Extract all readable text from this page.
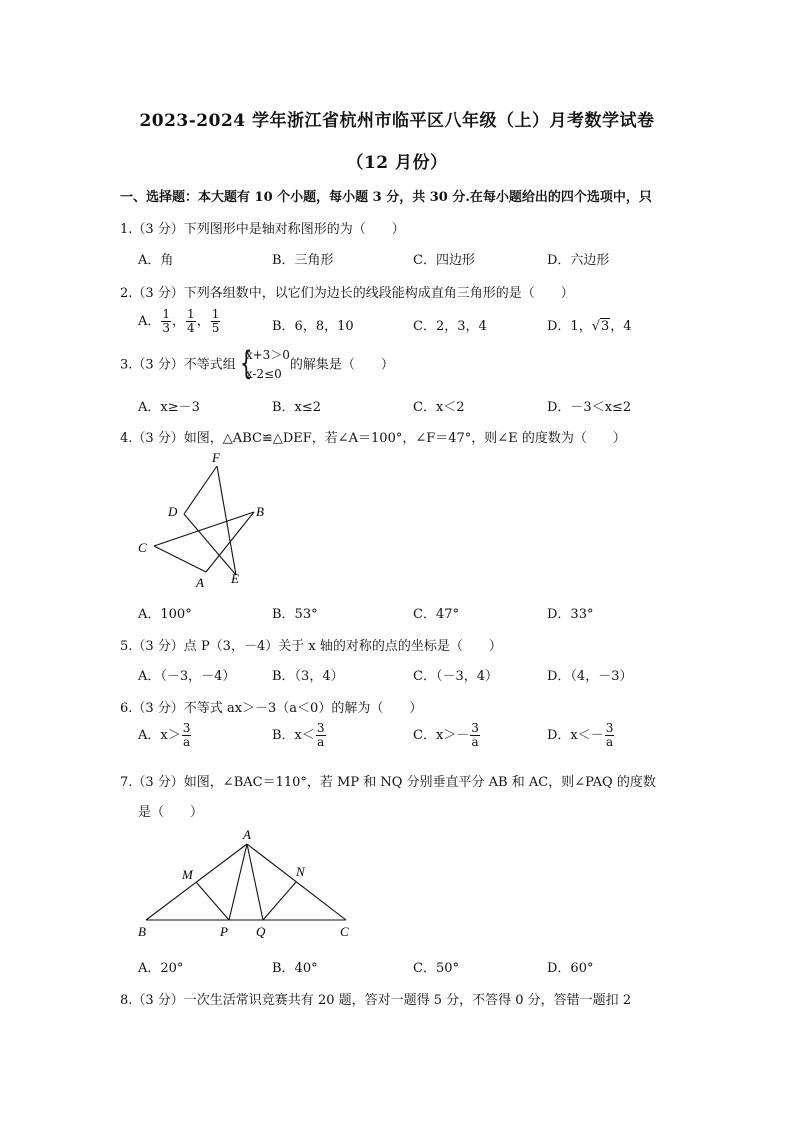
2023-2024 学年浙江省杭州市临平区八年级（上）月考数学试卷
（12 月份）
一、选择题：本大题有 10 个小题，每小题 3 分，共 30 分.在每小题给出的四个选项中，只
1.（3 分）下列图形中是轴对称图形的为（　　）
A．角	B．三角形	C．四边形	D．六边形
2.（3 分）下列各组数中，以它们为边长的线段能构成直角三角形的是（　　）
A． $\frac{1}{3}$ ， $\frac{1}{4}$ ， $\frac{1}{5}$	B．6，8，10	C．2，3，4	D．1，√3，4
3.（3 分）不等式组 {
x+3＞0
x-2≤0
的解集是（　　）
A．x≥－3	B．x≤2	C．x＜2	D．－3＜x≤2
4.（3 分）如图，△ABC≌△DEF，若∠A＝100°，∠F＝47°，则∠E 的度数为（　　）
F
D	B
C
A E
A．100°	B．53°	C．47°	D．33°
5.（3 分）点 P（3，－4）关于 x 轴的对称的点的坐标是（　　）
A．（－3，－4）	B．（3，4）	C．（－3，4）	D．（4，－3）
6.（3 分）不等式 ax＞－3（a＜0）的解为（　　）
A．$x> \frac{3}{a}$	B．$x< \frac{3}{a}$	C．$x>- \frac{3}{a}$	D．$x<- \frac{3}{a}$
7.（3 分）如图，∠BAC＝110°，若 MP 和 NQ 分别垂直平分 AB 和 AC，则∠PAQ 的度数
是（　　）
A
M	N
B	P Q	C
A．20°	B．40°	C．50°	D．60°
8.（3 分）一次生活常识竞赛共有 20 题，答对一题得 5 分，不答得 0 分，答错一题扣 2
